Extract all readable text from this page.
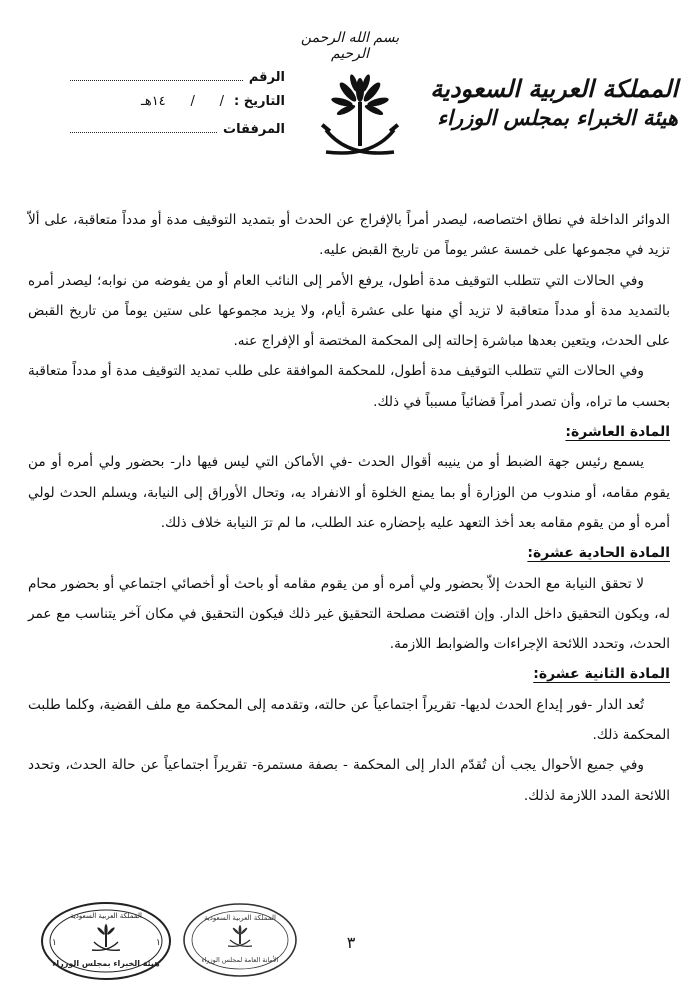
بسم الله الرحمن الرحيم
المملكة العربية السعودية
هيئة الخبراء بمجلس الوزراء
الرقم
التاريخ :
/      /      ١٤هـ
المرفقات

الدوائر الداخلة في نطاق اختصاصه، ليصدر أمراً بالإفراج عن الحدث أو بتمديد التوقيف مدة أو مدداً متعاقبة، على ألاّ تزيد في مجموعها على خمسة عشر يوماً من تاريخ القبض عليه.

وفي الحالات التي تتطلب التوقيف مدة أطول، يرفع الأمر إلى النائب العام أو من يفوضه من نوابه؛ ليصدر أمره بالتمديد مدة أو مدداً متعاقبة لا تزيد أي منها على عشرة أيام، ولا يزيد مجموعها على ستين يوماً من تاريخ القبض على الحدث، ويتعين بعدها مباشرة إحالته إلى المحكمة المختصة أو الإفراج عنه.

وفي الحالات التي تتطلب التوقيف مدة أطول، للمحكمة الموافقة على طلب تمديد التوقيف مدة أو مدداً متعاقبة بحسب ما تراه، وأن تصدر أمراً قضائياً مسبباً في ذلك.

المادة العاشرة:

يسمع رئيس جهة الضبط أو من ينيبه أقوال الحدث -في الأماكن التي ليس فيها دار- بحضور ولي أمره أو من يقوم مقامه، أو مندوب من الوزارة أو بما يمنع الخلوة أو الانفراد به، وتحال الأوراق إلى النيابة، ويسلم الحدث لولي أمره أو من يقوم مقامه بعد أخذ التعهد عليه بإحضاره عند الطلب، ما لم ترَ النيابة خلاف ذلك.

المادة الحادية عشرة:

لا تحقق النيابة مع الحدث إلاّ بحضور ولي أمره أو من يقوم مقامه أو باحث أو أخصائي اجتماعي أو بحضور محام له، ويكون التحقيق داخل الدار. وإن اقتضت مصلحة التحقيق غير ذلك فيكون التحقيق في مكان آخر يتناسب مع عمر الحدث، وتحدد اللائحة الإجراءات والضوابط اللازمة.

المادة الثانية عشرة:

تُعد الدار -فور إيداع الحدث لديها- تقريراً اجتماعياً عن حالته، وتقدمه إلى المحكمة مع ملف القضية، وكلما طلبت المحكمة ذلك.

وفي جميع الأحوال يجب أن تُقدّم الدار إلى المحكمة - بصفة مستمرة- تقريراً اجتماعياً عن حالة الحدث، وتحدد اللائحة المدد اللازمة لذلك.

٣
المملكة العربية السعودية
هيئة الخبراء بمجلس الوزراء
١	١
المملكة العربية السعودية
الأمانة العامة لمجلس الوزراء
